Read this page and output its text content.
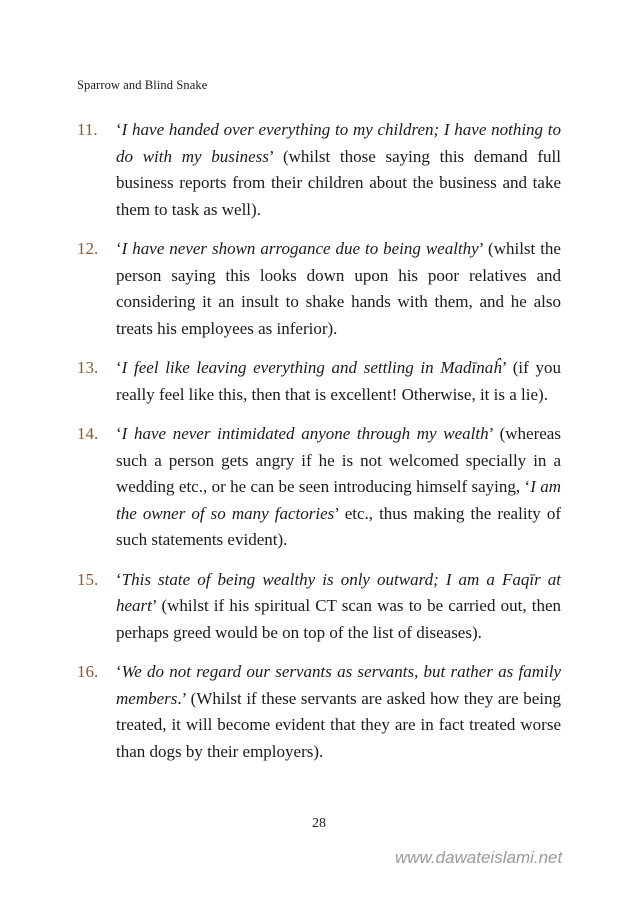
Sparrow and Blind Snake
11.	‘I have handed over everything to my children; I have nothing to do with my business’ (whilst those saying this demand full business reports from their children about the business and take them to task as well).
12.	‘I have never shown arrogance due to being wealthy’ (whilst the person saying this looks down upon his poor relatives and considering it an insult to shake hands with them, and he also treats his employees as inferior).
13.	‘I feel like leaving everything and settling in Madīnaĥ’ (if you really feel like this, then that is excellent! Otherwise, it is a lie).
14.	‘I have never intimidated anyone through my wealth’ (whereas such a person gets angry if he is not welcomed specially in a wedding etc., or he can be seen introducing himself saying, ‘I am the owner of so many factories’ etc., thus making the reality of such statements evident).
15.	‘This state of being wealthy is only outward; I am a Faqīr at heart’ (whilst if his spiritual CT scan was to be carried out, then perhaps greed would be on top of the list of diseases).
16.	‘We do not regard our servants as servants, but rather as family members.’ (Whilst if these servants are asked how they are being treated, it will become evident that they are in fact treated worse than dogs by their employers).
28
www.dawateislami.net
